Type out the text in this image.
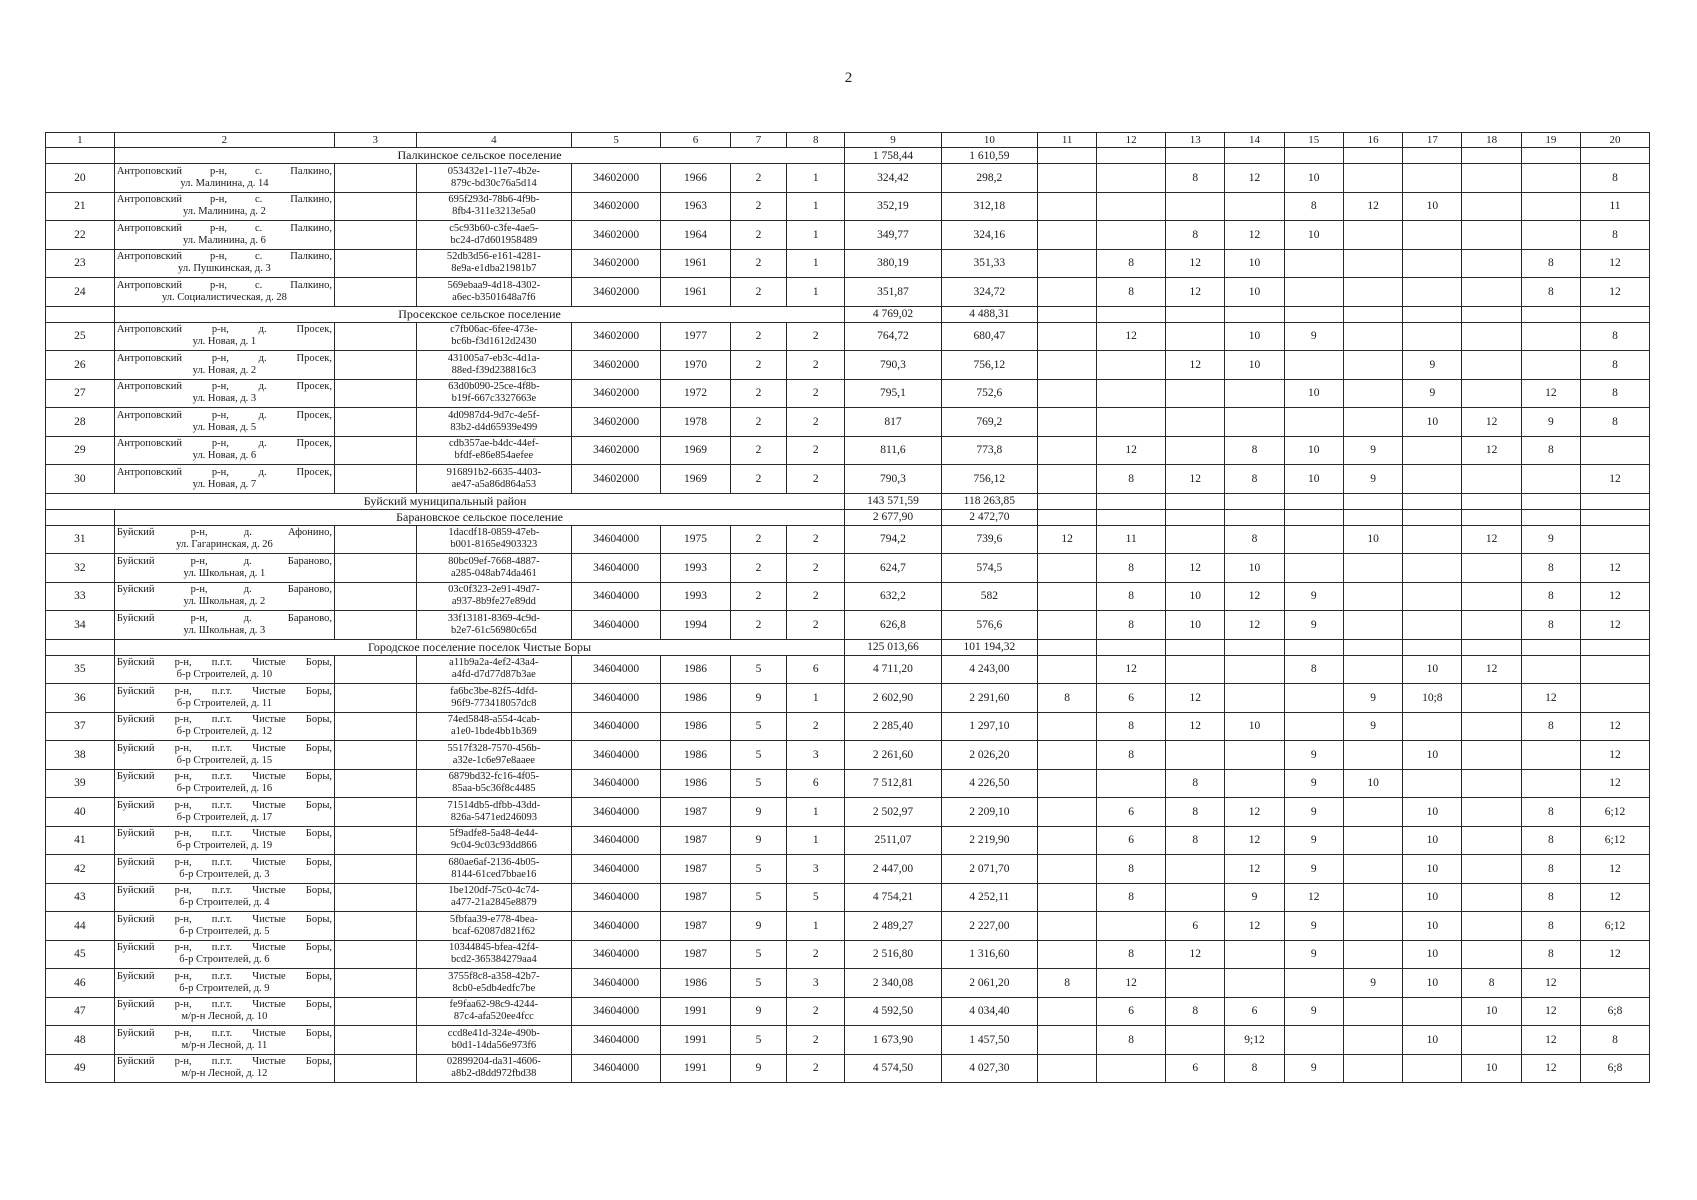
2
1	2	3	4	5	6	7	8	9	10	11	12	13	14	15	16	17	18	19	20
	Палкинское сельское поселение							1 758,44	1 610,59										
20	Антроповский р-н, с. Палкино,
ул. Малинина, д. 14		053432e1-11e7-4b2e-
879c-bd30c76a5d14	34602000	1966	2	1	324,42	298,2			8	12	10					8
21	Антроповский р-н, с. Палкино,
ул. Малинина, д. 2		695f293d-78b6-4f9b-
8fb4-311e3213e5a0	34602000	1963	2	1	352,19	312,18					8	12	10			11
22	Антроповский р-н, с. Палкино,
ул. Малинина, д. 6		c5c93b60-c3fe-4ae5-
bc24-d7d601958489	34602000	1964	2	1	349,77	324,16			8	12	10					8
23	Антроповский р-н, с. Палкино,
ул. Пушкинская, д. 3		52db3d56-e161-4281-
8e9a-e1dba21981b7	34602000	1961	2	1	380,19	351,33		8	12	10					8	12
24	Антроповский р-н, с. Палкино,
ул. Социалистическая, д. 28		569ebaa9-4d18-4302-
a6ec-b3501648a7f6	34602000	1961	2	1	351,87	324,72		8	12	10					8	12
	Просекское сельское поселение							4 769,02	4 488,31										
25	Антроповский р-н, д. Просек,
ул. Новая, д. 1		c7fb06ac-6fee-473e-
bc6b-f3d1612d2430	34602000	1977	2	2	764,72	680,47		12		10	9					8
26	Антроповский р-н, д. Просек,
ул. Новая, д. 2		431005a7-eb3c-4d1a-
88ed-f39d238816c3	34602000	1970	2	2	790,3	756,12			12	10			9			8
27	Антроповский р-н, д. Просек,
ул. Новая, д. 3		63d0b090-25ce-4f8b-
b19f-667c3327663e	34602000	1972	2	2	795,1	752,6					10		9		12	8
28	Антроповский р-н, д. Просек,
ул. Новая, д. 5		4d0987d4-9d7c-4e5f-
83b2-d4d65939e499	34602000	1978	2	2	817	769,2							10	12	9	8
29	Антроповский р-н, д. Просек,
ул. Новая, д. 6		cdb357ae-b4dc-44ef-
bfdf-e86e854aefee	34602000	1969	2	2	811,6	773,8		12		8	10	9		12	8	
30	Антроповский р-н, д. Просек,
ул. Новая, д. 7		916891b2-6635-4403-
ae47-a5a86d864a53	34602000	1969	2	2	790,3	756,12		8	12	8	10	9				12
Буйский муниципальный район								143 571,59	118 263,85										
	Барановское сельское поселение							2 677,90	2 472,70										
31	Буйский р-н, д. Афонино,
ул. Гагаринская, д. 26		1dacdf18-0859-47eb-
b001-8165e4903323	34604000	1975	2	2	794,2	739,6	12	11		8		10		12	9	
32	Буйский р-н, д. Бараново,
ул. Школьная, д. 1		80bc09ef-7668-4887-
a285-048ab74da461	34604000	1993	2	2	624,7	574,5		8	12	10					8	12
33	Буйский р-н, д. Бараново,
ул. Школьная, д. 2		03c0f323-2e91-49d7-
a937-8b9fe27e89dd	34604000	1993	2	2	632,2	582		8	10	12	9				8	12
34	Буйский р-н, д. Бараново,
ул. Школьная, д. 3		33f13181-8369-4c9d-
b2e7-61c56980c65d	34604000	1994	2	2	626,8	576,6		8	10	12	9				8	12
	Городское поселение поселок Чистые Боры							125 013,66	101 194,32										
35	Буйский р-н, п.г.т. Чистые Боры,
б-р Строителей, д. 10		a11b9a2a-4ef2-43a4-
a4fd-d7d77d87b3ae	34604000	1986	5	6	4 711,20	4 243,00		12			8		10	12		
36	Буйский р-н, п.г.т. Чистые Боры,
б-р Строителей, д. 11		fa6bc3be-82f5-4dfd-
96f9-773418057dc8	34604000	1986	9	1	2 602,90	2 291,60	8	6	12			9	10;8		12	
37	Буйский р-н, п.г.т. Чистые Боры,
б-р Строителей, д. 12		74ed5848-a554-4cab-
a1e0-1bde4bb1b369	34604000	1986	5	2	2 285,40	1 297,10		8	12	10		9			8	12
38	Буйский р-н, п.г.т. Чистые Боры,
б-р Строителей, д. 15		5517f328-7570-456b-
a32e-1c6e97e8aaee	34604000	1986	5	3	2 261,60	2 026,20		8			9		10			12
39	Буйский р-н, п.г.т. Чистые Боры,
б-р Строителей, д. 16		6879bd32-fc16-4f05-
85aa-b5c36f8c4485	34604000	1986	5	6	7 512,81	4 226,50			8		9	10				12
40	Буйский р-н, п.г.т. Чистые Боры,
б-р Строителей, д. 17		71514db5-dfbb-43dd-
826a-5471ed246093	34604000	1987	9	1	2 502,97	2 209,10		6	8	12	9		10		8	6;12
41	Буйский р-н, п.г.т. Чистые Боры,
б-р Строителей, д. 19		5f9adfe8-5a48-4e44-
9c04-9c03c93dd866	34604000	1987	9	1	2511,07	2 219,90		6	8	12	9		10		8	6;12
42	Буйский р-н, п.г.т. Чистые Боры,
б-р Строителей, д. 3		680ae6af-2136-4b05-
8144-61ced7bbae16	34604000	1987	5	3	2 447,00	2 071,70		8		12	9		10		8	12
43	Буйский р-н, п.г.т. Чистые Боры,
б-р Строителей, д. 4		1be120df-75c0-4c74-
a477-21a2845e8879	34604000	1987	5	5	4 754,21	4 252,11		8		9	12		10		8	12
44	Буйский р-н, п.г.т. Чистые Боры,
б-р Строителей, д. 5		5fbfaa39-e778-4bea-
bcaf-62087d821f62	34604000	1987	9	1	2 489,27	2 227,00			6	12	9		10		8	6;12
45	Буйский р-н, п.г.т. Чистые Боры,
б-р Строителей, д. 6		10344845-bfea-42f4-
bcd2-365384279aa4	34604000	1987	5	2	2 516,80	1 316,60		8	12		9		10		8	12
46	Буйский р-н, п.г.т. Чистые Боры,
б-р Строителей, д. 9		3755f8c8-a358-42b7-
8cb0-e5db4edfc7be	34604000	1986	5	3	2 340,08	2 061,20	8	12				9	10	8	12	
47	Буйский р-н, п.г.т. Чистые Боры,
м/р-н Лесной, д. 10		fe9faa62-98c9-4244-
87c4-afa520ee4fcc	34604000	1991	9	2	4 592,50	4 034,40		6	8	6	9			10	12	6;8
48	Буйский р-н, п.г.т. Чистые Боры,
м/р-н Лесной, д. 11		ccd8e41d-324e-490b-
b0d1-14da56e973f6	34604000	1991	5	2	1 673,90	1 457,50		8		9;12			10		12	8
49	Буйский р-н, п.г.т. Чистые Боры,
м/р-н Лесной, д. 12		02899204-da31-4606-
a8b2-d8dd972fbd38	34604000	1991	9	2	4 574,50	4 027,30			6	8	9			10	12	6;8
